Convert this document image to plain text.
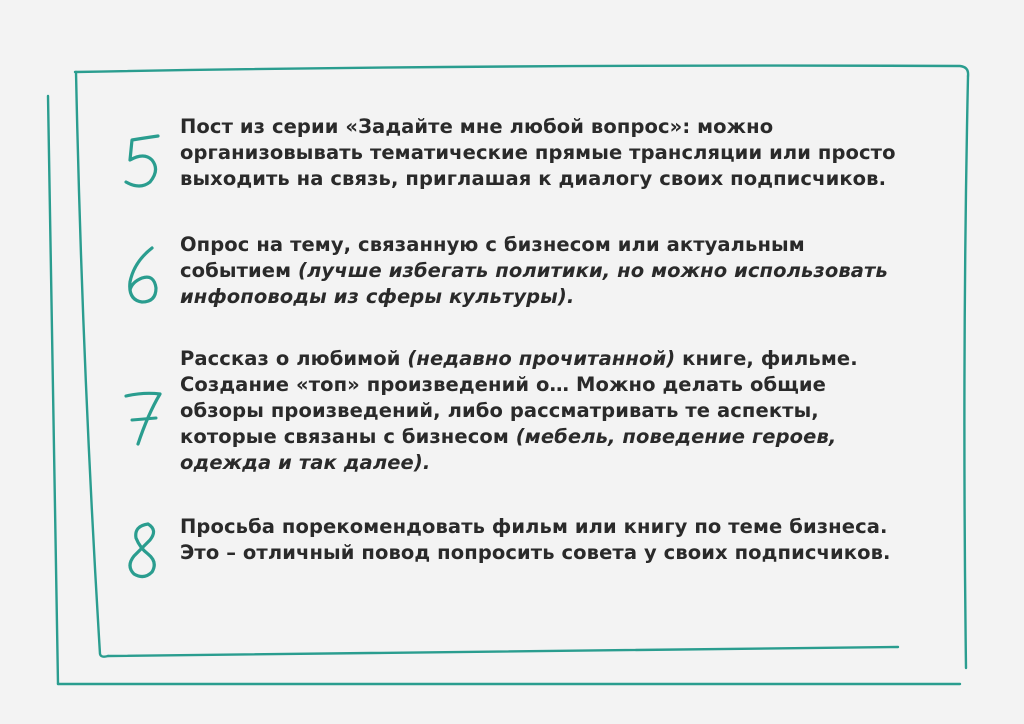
Пост из серии «Задайте мне любой вопрос»: можно
организовывать тематические прямые трансляции или просто
выходить на связь, приглашая к диалогу своих подписчиков.

Опрос на тему, связанную с бизнесом или актуальным
событием (лучше избегать политики, но можно использовать
инфоповоды из сферы культуры).

Рассказ о любимой (недавно прочитанной) книге, фильме.
Создание «топ» произведений о… Можно делать общие
обзоры произведений, либо рассматривать те аспекты,
которые связаны с бизнесом (мебель, поведение героев,
одежда и так далее).

Просьба порекомендовать фильм или книгу по теме бизнеса.
Это – отличный повод попросить совета у своих подписчиков.
